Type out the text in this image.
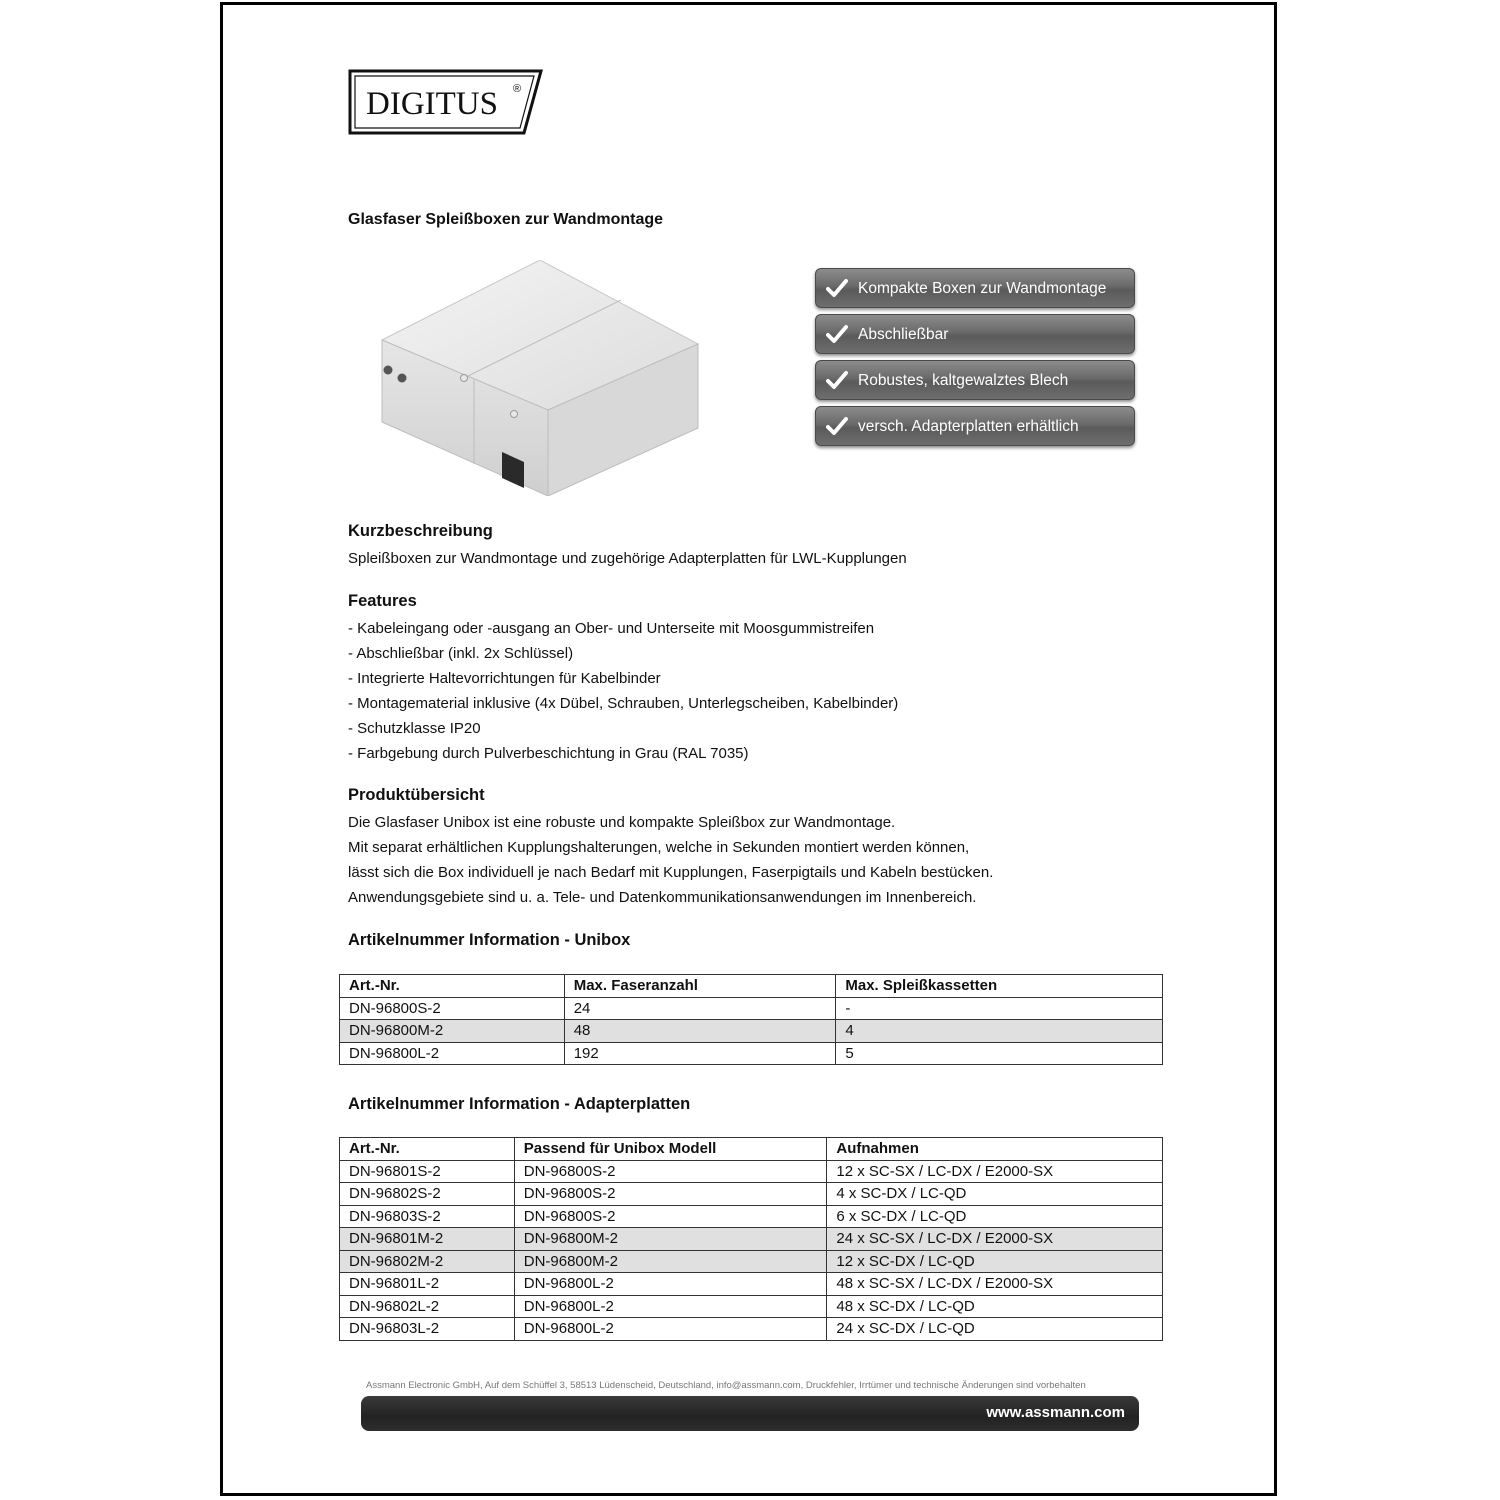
DIGITUS ®
Glasfaser Spleißboxen zur Wandmontage
Kompakte Boxen zur Wandmontage
Abschließbar
Robustes, kaltgewalztes Blech
versch. Adapterplatten erhältlich
Kurzbeschreibung
Spleißboxen zur Wandmontage und zugehörige Adapterplatten für LWL-Kupplungen
Features
- Kabeleingang oder -ausgang an Ober- und Unterseite mit Moosgummistreifen
- Abschließbar (inkl. 2x Schlüssel)
- Integrierte Haltevorrichtungen für Kabelbinder
- Montagematerial inklusive (4x Dübel, Schrauben, Unterlegscheiben, Kabelbinder)
- Schutzklasse IP20
- Farbgebung durch Pulverbeschichtung in Grau (RAL 7035)
Produktübersicht
Die Glasfaser Unibox ist eine robuste und kompakte Spleißbox zur Wandmontage.
Mit separat erhältlichen Kupplungshalterungen, welche in Sekunden montiert werden können,
lässt sich die Box individuell je nach Bedarf mit Kupplungen, Faserpigtails und Kabeln bestücken.
Anwendungsgebiete sind u. a. Tele- und Datenkommunikationsanwendungen im Innenbereich.
Artikelnummer Information - Unibox
Art.-Nr.	Max. Faseranzahl	Max. Spleißkassetten
DN-96800S-2	24	-
DN-96800M-2	48	4
DN-96800L-2	192	5
Artikelnummer Information - Adapterplatten
Art.-Nr.	Passend für Unibox Modell	Aufnahmen
DN-96801S-2	DN-96800S-2	12 x SC-SX / LC-DX / E2000-SX
DN-96802S-2	DN-96800S-2	4 x SC-DX / LC-QD
DN-96803S-2	DN-96800S-2	6 x SC-DX / LC-QD
DN-96801M-2	DN-96800M-2	24 x SC-SX / LC-DX / E2000-SX
DN-96802M-2	DN-96800M-2	12 x SC-DX / LC-QD
DN-96801L-2	DN-96800L-2	48 x SC-SX / LC-DX / E2000-SX
DN-96802L-2	DN-96800L-2	48 x SC-DX / LC-QD
DN-96803L-2	DN-96800L-2	24 x SC-DX / LC-QD
Assmann Electronic GmbH, Auf dem Schüffel 3, 58513 Lüdenscheid, Deutschland, info@assmann.com, Druckfehler, Irrtümer und technische Änderungen sind vorbehalten
www.assmann.com
